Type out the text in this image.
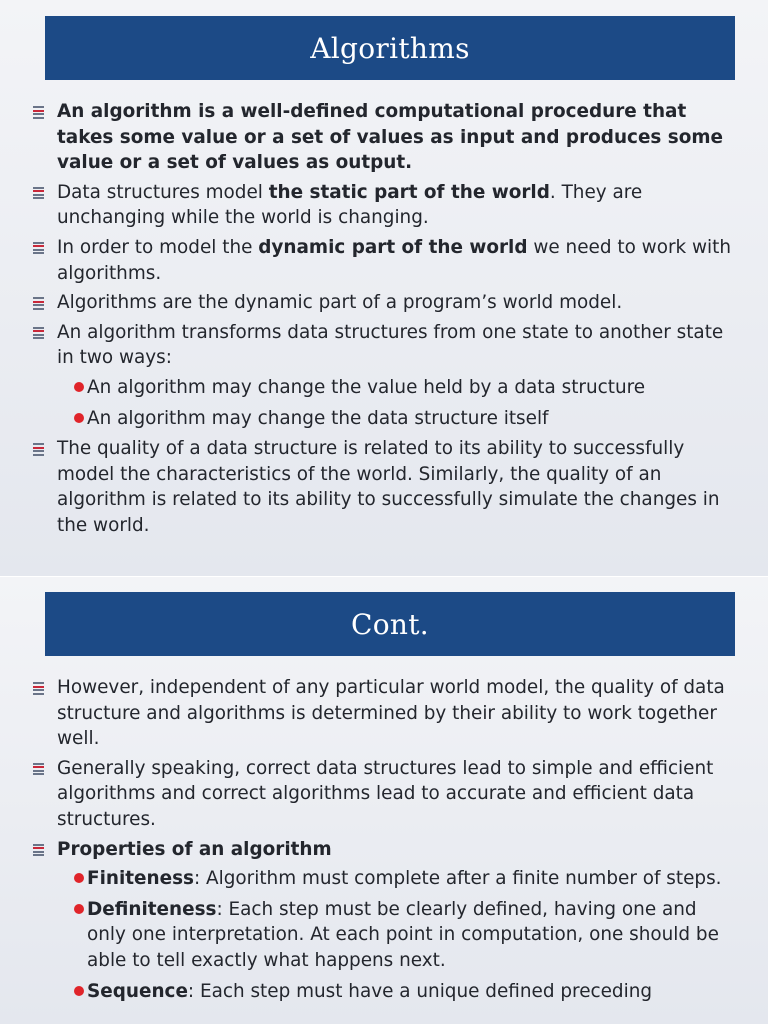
Algorithms
An algorithm is a well-defined computational procedure that takes some value or a set of values as input and produces some value or a set of values as output.
Data structures model the static part of the world. They are unchanging while the world is changing.
In order to model the dynamic part of the world we need to work with algorithms.
Algorithms are the dynamic part of a program’s world model.
An algorithm transforms data structures from one state to another state in two ways:
An algorithm may change the value held by a data structure
An algorithm may change the data structure itself
The quality of a data structure is related to its ability to successfully model the characteristics of the world. Similarly, the quality of an algorithm is related to its ability to successfully simulate the changes in the world.
Cont.
However, independent of any particular world model, the quality of data structure and algorithms is determined by their ability to work together well.
Generally speaking, correct data structures lead to simple and efficient algorithms and correct algorithms lead to accurate and efficient data structures.
Properties of an algorithm
Finiteness: Algorithm must complete after a finite number of steps.
Definiteness: Each step must be clearly defined, having one and only one interpretation. At each point in computation, one should be able to tell exactly what happens next.
Sequence: Each step must have a unique defined preceding
